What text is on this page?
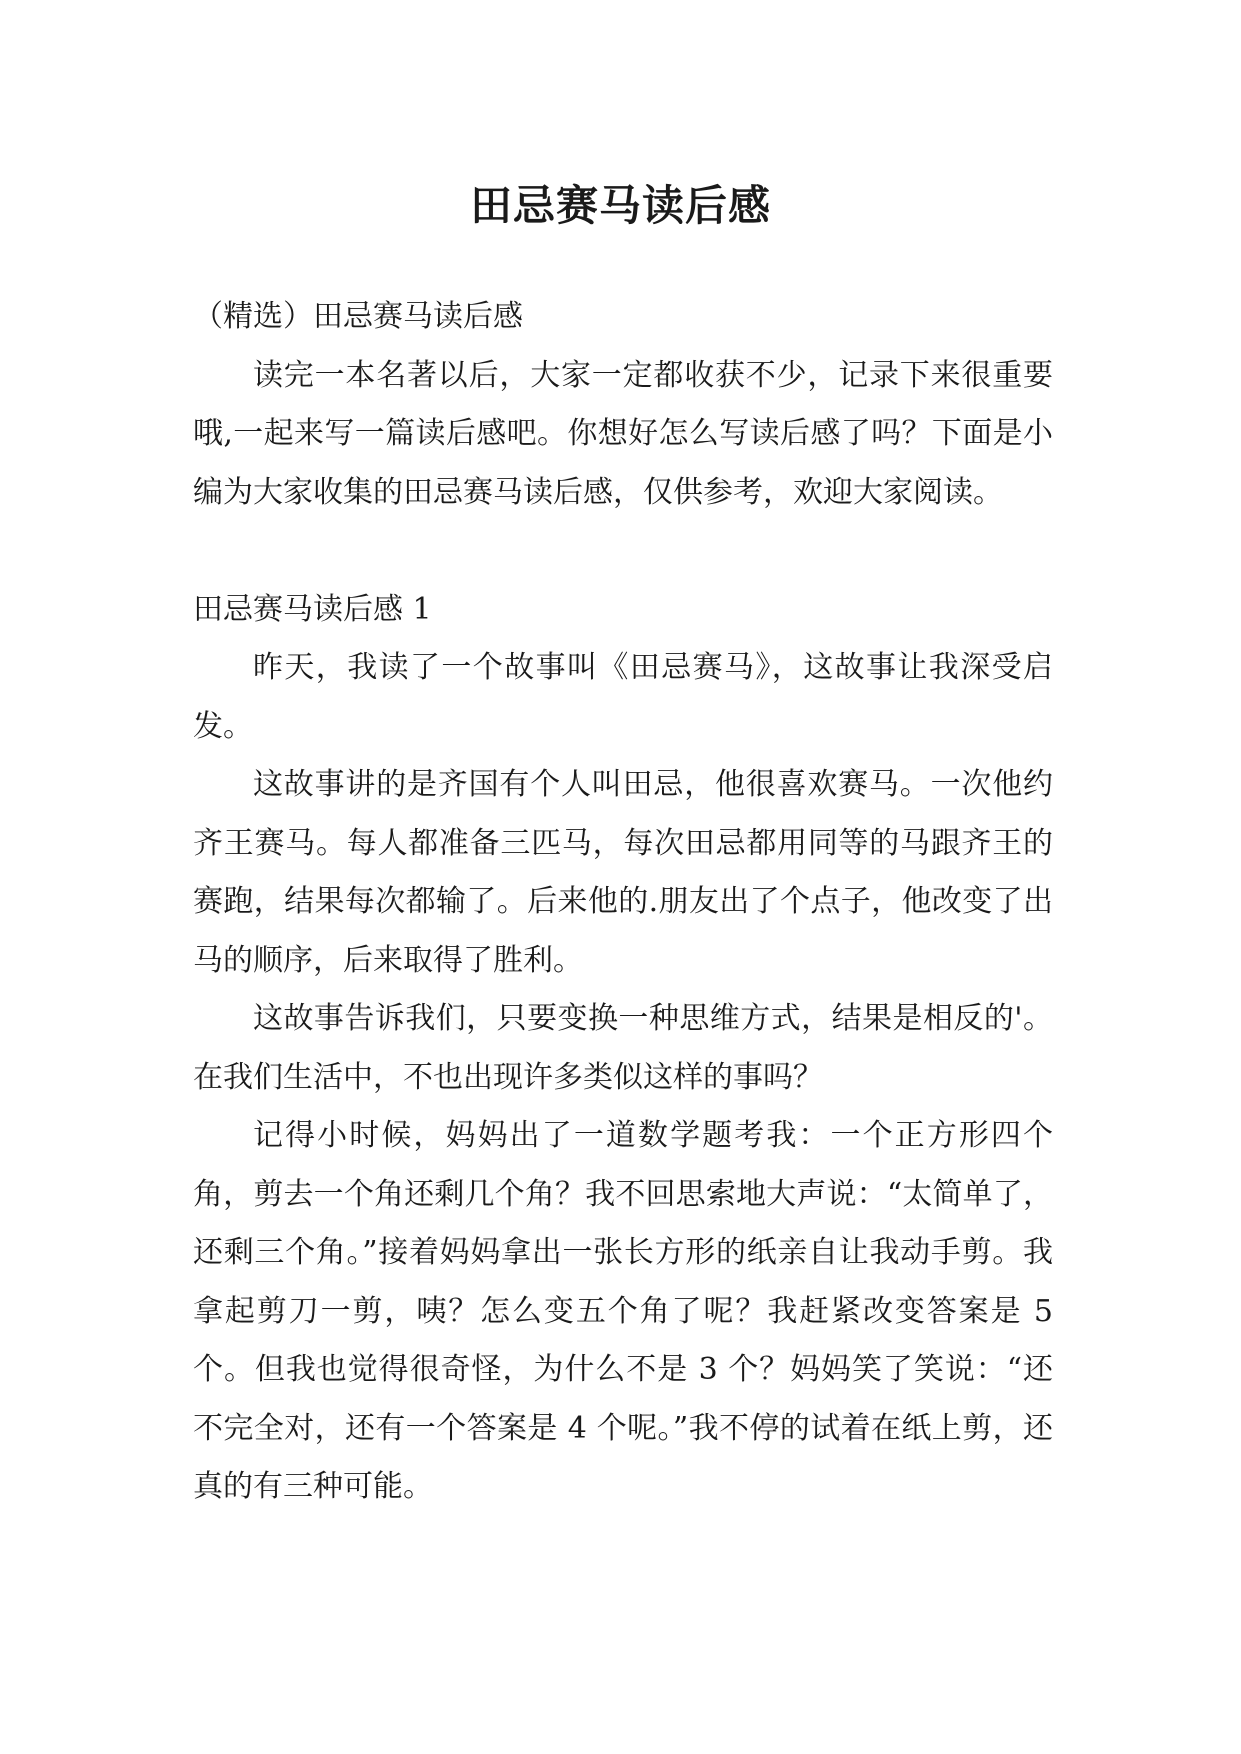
田忌赛马读后感

（精选）田忌赛马读后感

读完一本名著以后，大家一定都收获不少，记录下来很重要哦,一起来写一篇读后感吧。你想好怎么写读后感了吗？下面是小编为大家收集的田忌赛马读后感，仅供参考，欢迎大家阅读。

田忌赛马读后感 1

昨天，我读了一个故事叫《田忌赛马》，这故事让我深受启发。

这故事讲的是齐国有个人叫田忌，他很喜欢赛马。一次他约齐王赛马。每人都准备三匹马，每次田忌都用同等的马跟齐王的赛跑，结果每次都输了。后来他的.朋友出了个点子，他改变了出马的顺序，后来取得了胜利。

这故事告诉我们，只要变换一种思维方式，结果是相反的'。在我们生活中，不也出现许多类似这样的事吗？

记得小时候，妈妈出了一道数学题考我：一个正方形四个角，剪去一个角还剩几个角？我不回思索地大声说：“太简单了，还剩三个角。”接着妈妈拿出一张长方形的纸亲自让我动手剪。我拿起剪刀一剪，咦？怎么变五个角了呢？我赶紧改变答案是 5 个。但我也觉得很奇怪，为什么不是 3 个？妈妈笑了笑说：“还不完全对，还有一个答案是 4 个呢。”我不停的试着在纸上剪，还真的有三种可能。
